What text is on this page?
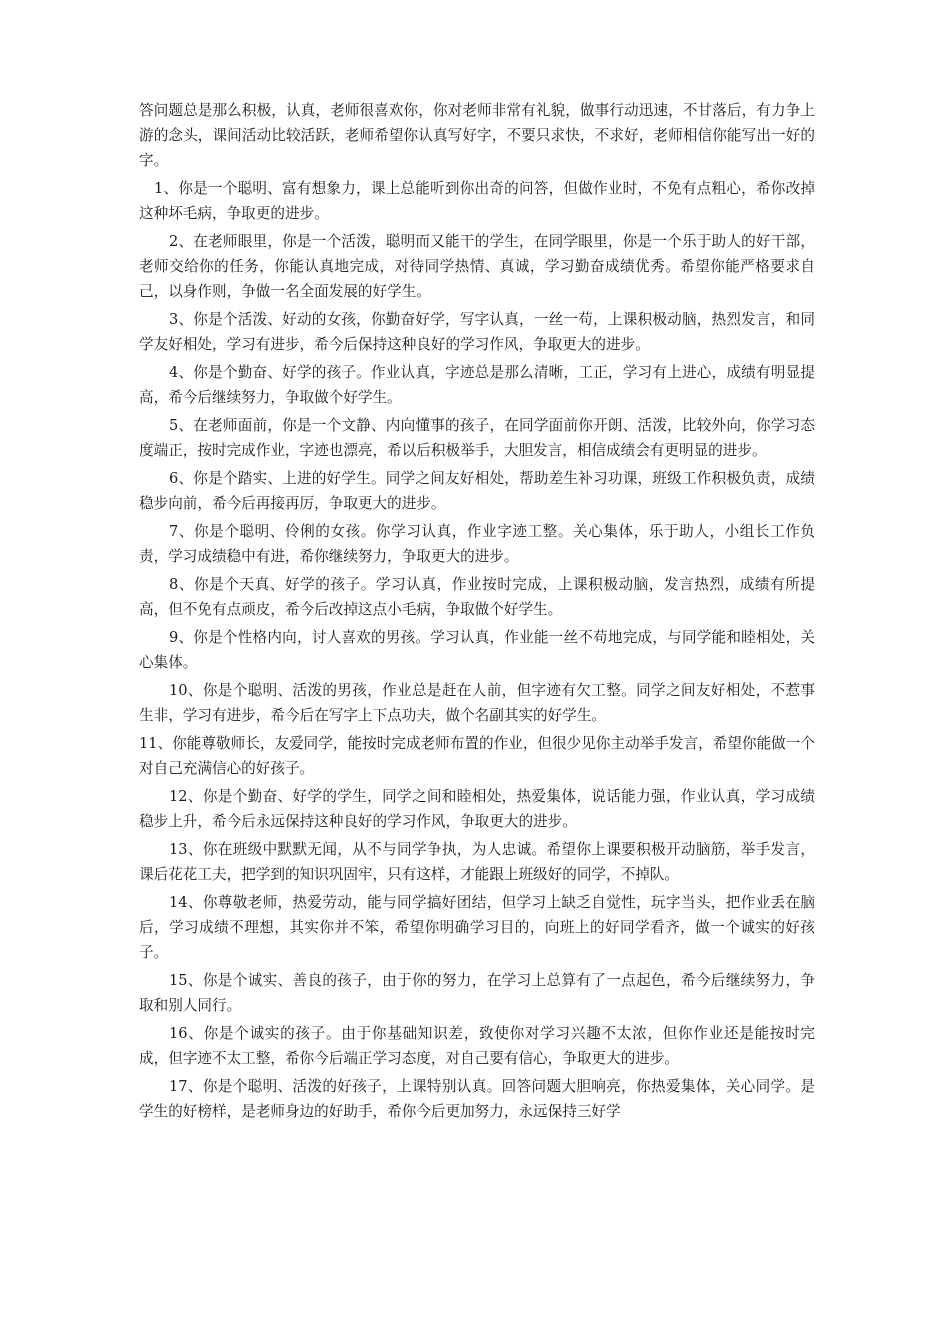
答问题总是那么积极，认真，老师很喜欢你，你对老师非常有礼貌，做事行动迅速，不甘落后，有力争上游的念头，课间活动比较活跃，老师希望你认真写好字，不要只求快，不求好，老师相信你能写出一好的字。

1、你是一个聪明、富有想象力，课上总能听到你出奇的问答，但做作业时，不免有点粗心，希你改掉这种坏毛病，争取更的进步。

2、在老师眼里，你是一个活泼，聪明而又能干的学生，在同学眼里，你是一个乐于助人的好干部，老师交给你的任务，你能认真地完成，对待同学热情、真诚，学习勤奋成绩优秀。希望你能严格要求自己，以身作则，争做一名全面发展的好学生。

3、你是个活泼、好动的女孩，你勤奋好学，写字认真，一丝一苟，上课积极动脑，热烈发言，和同学友好相处，学习有进步，希今后保持这种良好的学习作风，争取更大的进步。

4、你是个勤奋、好学的孩子。作业认真，字迹总是那么清晰，工正，学习有上进心，成绩有明显提高，希今后继续努力，争取做个好学生。

5、在老师面前，你是一个文静、内向懂事的孩子，在同学面前你开朗、活泼，比较外向，你学习态度端正，按时完成作业，字迹也漂亮，希以后积极举手，大胆发言，相信成绩会有更明显的进步。

6、你是个踏实、上进的好学生。同学之间友好相处，帮助差生补习功课，班级工作积极负责，成绩稳步向前，希今后再接再厉，争取更大的进步。

7、你是个聪明、伶俐的女孩。你学习认真，作业字迹工整。关心集体，乐于助人，小组长工作负责，学习成绩稳中有进，希你继续努力，争取更大的进步。

8、你是个天真、好学的孩子。学习认真，作业按时完成，上课积极动脑，发言热烈，成绩有所提高，但不免有点顽皮，希今后改掉这点小毛病，争取做个好学生。

9、你是个性格内向，讨人喜欢的男孩。学习认真，作业能一丝不苟地完成，与同学能和睦相处，关心集体。

10、你是个聪明、活泼的男孩，作业总是赶在人前，但字迹有欠工整。同学之间友好相处，不惹事生非，学习有进步，希今后在写字上下点功夫，做个名副其实的好学生。

11、你能尊敬师长，友爱同学，能按时完成老师布置的作业，但很少见你主动举手发言，希望你能做一个对自己充满信心的好孩子。

12、你是个勤奋、好学的学生，同学之间和睦相处，热爱集体，说话能力强，作业认真，学习成绩稳步上升，希今后永远保持这种良好的学习作风，争取更大的进步。

13、你在班级中默默无闻，从不与同学争执，为人忠诚。希望你上课要积极开动脑筋，举手发言，课后花花工夫，把学到的知识巩固牢，只有这样，才能跟上班级好的同学，不掉队。

14、你尊敬老师，热爱劳动，能与同学搞好团结，但学习上缺乏自觉性，玩字当头，把作业丢在脑后，学习成绩不理想，其实你并不笨，希望你明确学习目的，向班上的好同学看齐，做一个诚实的好孩子。

15、你是个诚实、善良的孩子，由于你的努力，在学习上总算有了一点起色，希今后继续努力，争取和别人同行。

16、你是个诚实的孩子。由于你基础知识差，致使你对学习兴趣不太浓，但你作业还是能按时完成，但字迹不太工整，希你今后端正学习态度，对自己要有信心，争取更大的进步。

17、你是个聪明、活泼的好孩子，上课特别认真。回答问题大胆响亮，你热爱集体，关心同学。是学生的好榜样，是老师身边的好助手，希你今后更加努力，永远保持三好学
